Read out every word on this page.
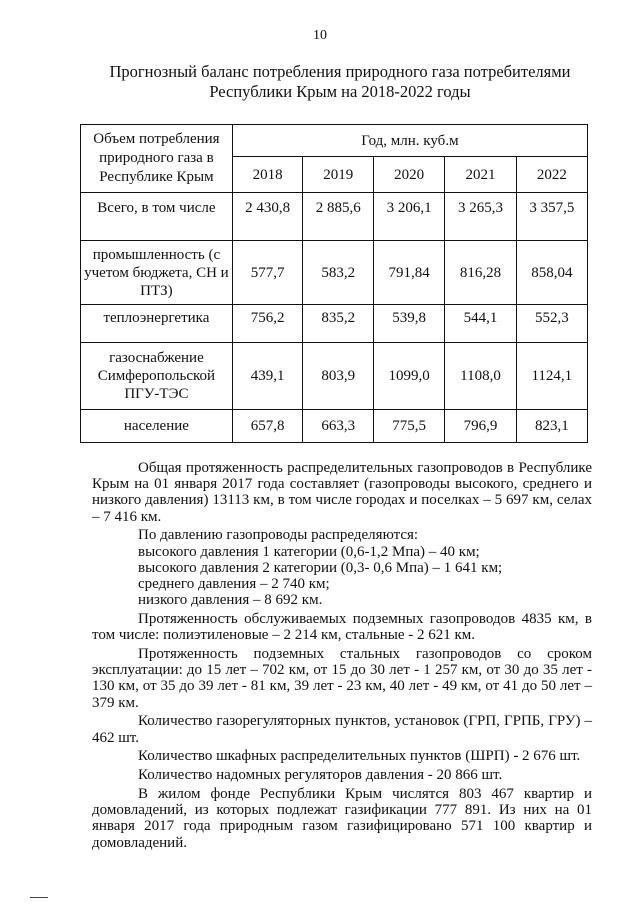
10
Прогнозный баланс потребления природного газа потребителями
Республики Крым на 2018-2022 годы
Объем потребления природного газа в Республике Крым	Год, млн. куб.м				
	2018	2019	2020	2021	2022
Всего, в том числе	2 430,8	2 885,6	3 206,1	3 265,3	3 357,5
промышленность (с учетом бюджета, СН и ПТЗ)	577,7	583,2	791,84	816,28	858,04
теплоэнергетика	756,2	835,2	539,8	544,1	552,3
газоснабжение Симферопольской ПГУ-ТЭС	439,1	803,9	1099,0	1108,0	1124,1
население	657,8	663,3	775,5	796,9	823,1

Общая протяженность распределительных газопроводов в Республике Крым на 01 января 2017 года составляет (газопроводы высокого, среднего и низкого давления) 13113 км, в том числе городах и поселках – 5 697 км, селах – 7 416 км.

По давлению газопроводы распределяются:

высокого давления 1 категории (0,6-1,2 Мпа) – 40 км;

высокого давления 2 категории (0,3- 0,6 Мпа) – 1 641 км;

среднего давления – 2 740 км;

низкого давления – 8 692 км.

Протяженность обслуживаемых подземных газопроводов 4835 км, в том числе: полиэтиленовые – 2 214 км, стальные - 2 621 км.

Протяженность подземных стальных газопроводов со сроком эксплуатации: до 15 лет – 702 км, от 15 до 30 лет - 1 257 км, от 30 до 35 лет - 130 км, от 35 до 39 лет - 81 км, 39 лет - 23 км, 40 лет - 49 км, от 41 до 50 лет – 379 км.

Количество газорегуляторных пунктов, установок (ГРП, ГРПБ, ГРУ) – 462 шт.

Количество шкафных распределительных пунктов (ШРП) - 2 676 шт.

Количество надомных регуляторов давления - 20 866 шт.

В жилом фонде Республики Крым числятся 803 467 квартир и домовладений, из которых подлежат газификации 777 891. Из них на 01 января 2017 года природным газом газифицировано 571 100 квартир и домовладений.
